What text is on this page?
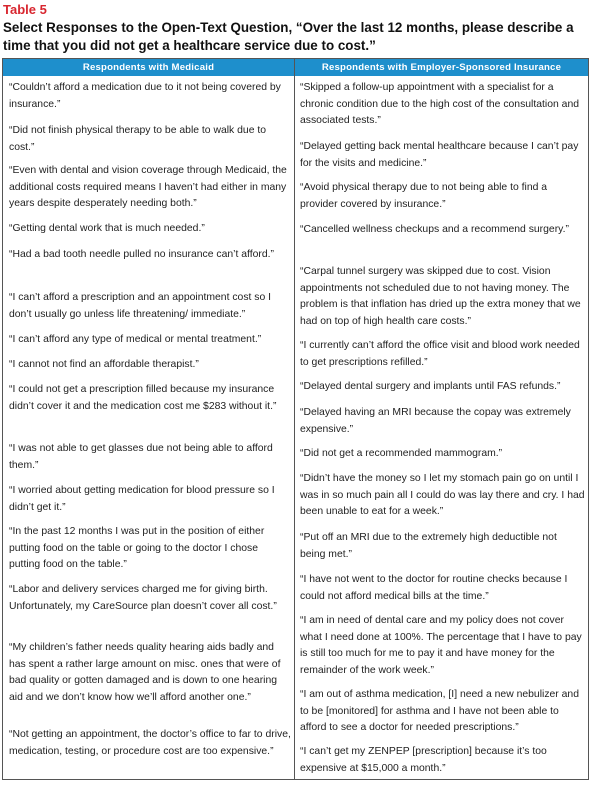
Table 5
Select Responses to the Open-Text Question, “Over the last 12 months, please describe a time that you did not get a healthcare service due to cost.”
Respondents with Medicaid	Respondents with Employer-Sponsored Insurance
“Couldn’t afford a medication due to it not being covered by insurance.”
“Did not finish physical therapy to be able to walk due to cost.”
“Even with dental and vision coverage through Medicaid, the additional costs required means I haven’t had either in many years despite desperately needing both.”
“Getting dental work that is much needed.”
“Had a bad tooth needle pulled no insurance can’t afford.”
“I can’t afford a prescription and an appointment cost so I don’t usually go unless life threatening/ immediate.”
“I can’t afford any type of medical or mental treatment.”
“I cannot not find an affordable therapist.”
“I could not get a prescription filled because my insurance didn’t cover it and the medication cost me $283 without it.”
“I was not able to get glasses due not being able to afford them.”
“I worried about getting medication for blood pressure so I didn’t get it.”
“In the past 12 months I was put in the position of either putting food on the table or going to the doctor I chose putting food on the table.”
“Labor and delivery services charged me for giving birth. Unfortunately, my CareSource plan doesn’t cover all cost.”
“My children’s father needs quality hearing aids badly and has spent a rather large amount on misc. ones that were of bad quality or gotten damaged and is down to one hearing aid and we don’t know how we’ll afford another one.”
“Not getting an appointment, the doctor’s office to far to drive, medication, testing, or procedure cost are too expensive.”
“Skipped a follow-up appointment with a specialist for a chronic condition due to the high cost of the consultation and associated tests.”
“Delayed getting back mental healthcare because I can’t pay for the visits and medicine.”
“Avoid physical therapy due to not being able to find a provider covered by insurance.”
“Cancelled wellness checkups and a recommend surgery.”
“Carpal tunnel surgery was skipped due to cost. Vision appointments not scheduled due to not having money. The problem is that inflation has dried up the extra money that we had on top of high health care costs.”
“I currently can’t afford the office visit and blood work needed to get prescriptions refilled.”
“Delayed dental surgery and implants until FAS refunds.”
“Delayed having an MRI because the copay was extremely expensive.”
“Did not get a recommended mammogram.”
“Didn’t have the money so I let my stomach pain go on until I was in so much pain all I could do was lay there and cry. I had been unable to eat for a week.”
“Put off an MRI due to the extremely high deductible not being met.”
“I have not went to the doctor for routine checks because I could not afford medical bills at the time.”
“I am in need of dental care and my policy does not cover what I need done at 100%. The percentage that I have to pay is still too much for me to pay it and have money for the remainder of the work week.”
“I am out of asthma medication, [I] need a new nebulizer and to be [monitored] for asthma and I have not been able to afford to see a doctor for needed prescriptions.”
“I can’t get my ZENPEP [prescription] because it’s too expensive at $15,000 a month.”
